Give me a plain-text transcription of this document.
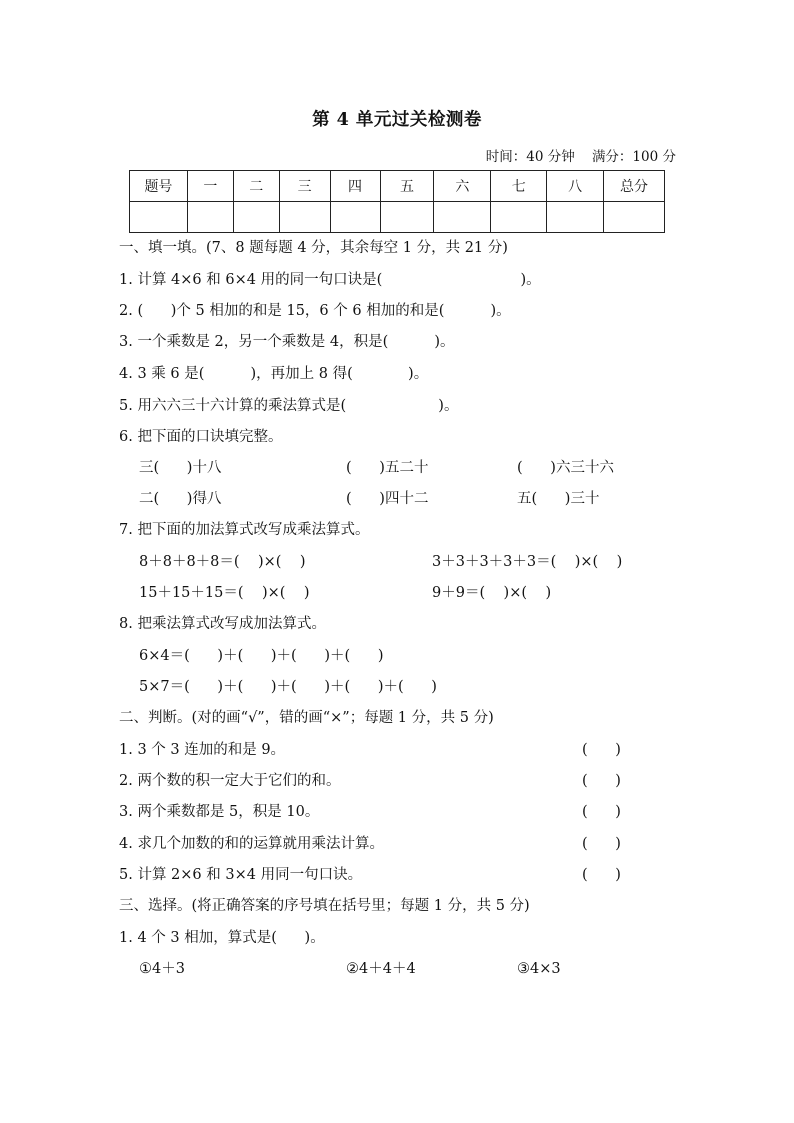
第 4 单元过关检测卷
时间：40 分钟 满分：100 分
题号	一	二	三	四	五	六	七	八	总分

一、填一填。(7、8 题每题 4 分，其余每空 1 分，共 21 分)
1. 计算 4×6 和 6×4 用的同一句口诀是(                              )。
2. (      )个 5 相加的和是 15，6 个 6 相加的和是(          )。
3. 一个乘数是 2，另一个乘数是 4，积是(          )。
4. 3 乘 6 是(          )，再加上 8 得(            )。
5. 用六六三十六计算的乘法算式是(                    )。
6. 把下面的口诀填完整。
三(      )十八	(      )五二十	(      )六三十六
二(      )得八	(      )四十二	五(      )三十
7. 把下面的加法算式改写成乘法算式。
8＋8＋8＋8＝(    )×(    )	3＋3＋3＋3＋3＝(    )×(    )
15＋15＋15＝(    )×(    )	9＋9＝(    )×(    )
8. 把乘法算式改写成加法算式。
6×4＝(      )＋(      )＋(      )＋(      )
5×7＝(      )＋(      )＋(      )＋(      )＋(      )
二、判断。(对的画“√”，错的画“×”；每题 1 分，共 5 分)
1. 3 个 3 连加的和是 9。	(      )
2. 两个数的积一定大于它们的和。	(      )
3. 两个乘数都是 5，积是 10。	(      )
4. 求几个加数的和的运算就用乘法计算。	(      )
5. 计算 2×6 和 3×4 用同一句口诀。	(      )
三、选择。(将正确答案的序号填在括号里；每题 1 分，共 5 分)
1. 4 个 3 相加，算式是(      )。
①4＋3	②4＋4＋4	③4×3
